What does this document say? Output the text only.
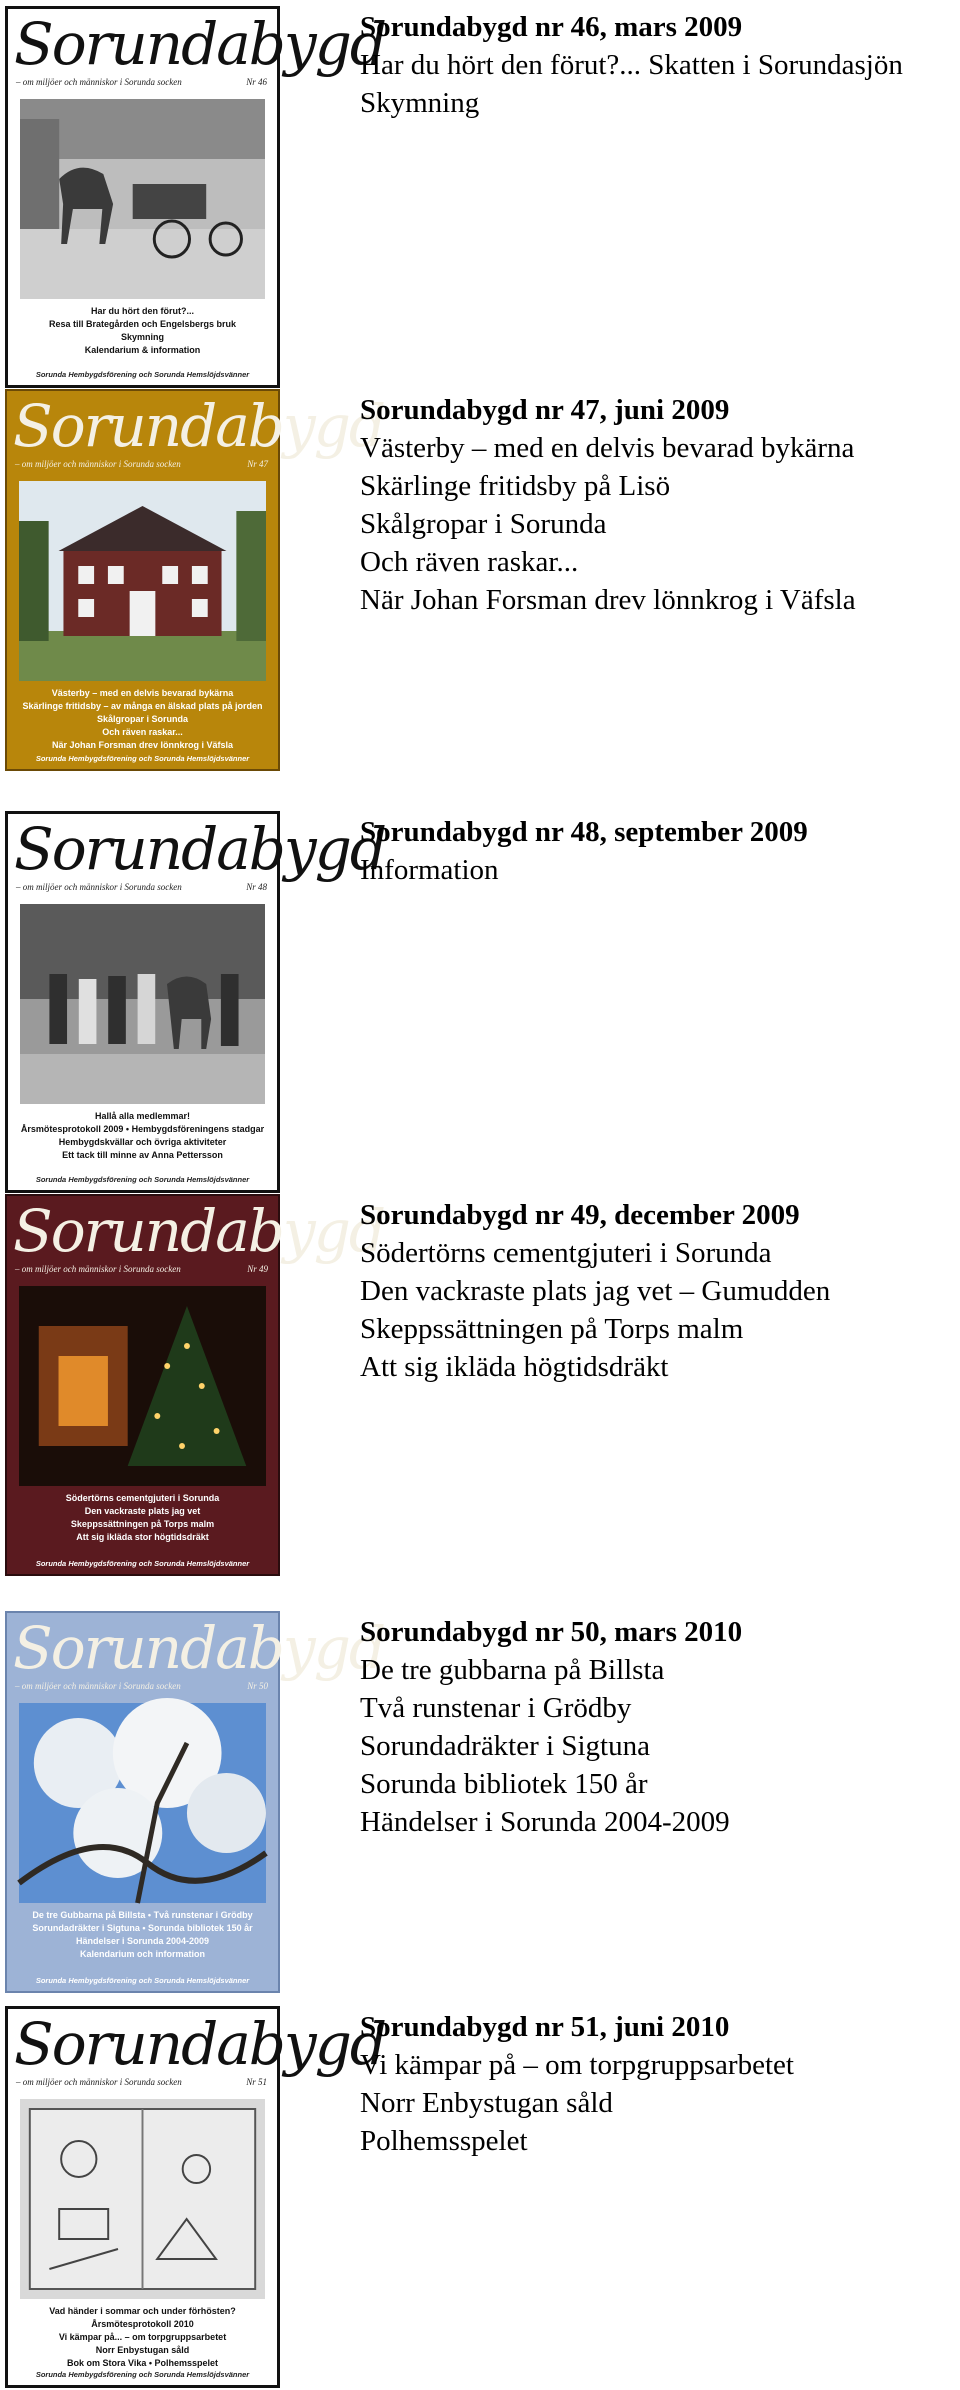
Sorundabygd
– om miljöer och människor i Sorunda socken	Nr 46
Har du hört den förut?...
Resa till Brategården och Engelsbergs bruk
Skymning
Kalendarium & information
Sorunda Hembygdsförening och Sorunda Hemslöjdsvänner

Sorundabygd nr 46, mars 2009

Har du hört den förut?... Skatten i Sorundasjön

Skymning

Sorundabygd
– om miljöer och människor i Sorunda socken	Nr 47
Västerby – med en delvis bevarad bykärna
Skärlinge fritidsby – av många en älskad plats på jorden
Skålgropar i Sorunda
Och räven raskar...
När Johan Forsman drev lönnkrog i Väfsla
Sorunda Hembygdsförening och Sorunda Hemslöjdsvänner

Sorundabygd nr 47, juni 2009

Västerby – med en delvis bevarad bykärna

Skärlinge fritidsby på Lisö

Skålgropar i Sorunda

Och räven raskar...

När Johan Forsman drev lönnkrog i Väfsla

Sorundabygd
– om miljöer och människor i Sorunda socken	Nr 48
Hallå alla medlemmar!
Årsmötesprotokoll 2009 • Hembygdsföreningens stadgar
Hembygdskvällar och övriga aktiviteter
Ett tack till minne av Anna Pettersson
Sorunda Hembygdsförening och Sorunda Hemslöjdsvänner

Sorundabygd nr 48, september 2009

Information

Sorundabygd
– om miljöer och människor i Sorunda socken	Nr 49
Södertörns cementgjuteri i Sorunda
Den vackraste plats jag vet
Skeppssättningen på Torps malm
Att sig ikläda stor högtidsdräkt
Sorunda Hembygdsförening och Sorunda Hemslöjdsvänner

Sorundabygd nr 49, december 2009

Södertörns cementgjuteri i Sorunda

Den vackraste plats jag vet – Gumudden

Skeppssättningen på Torps malm

Att sig ikläda högtidsdräkt

Sorundabygd
– om miljöer och människor i Sorunda socken	Nr 50
De tre Gubbarna på Billsta • Två runstenar i Grödby
Sorundadräkter i Sigtuna • Sorunda bibliotek 150 år
Händelser i Sorunda 2004-2009
Kalendarium och information
Sorunda Hembygdsförening och Sorunda Hemslöjdsvänner

Sorundabygd nr 50, mars 2010

De tre gubbarna på Billsta

Två runstenar i Grödby

Sorundadräkter i Sigtuna

Sorunda bibliotek 150 år

Händelser i Sorunda 2004-2009

Sorundabygd
– om miljöer och människor i Sorunda socken	Nr 51
Vad händer i sommar och under förhösten?
Årsmötesprotokoll 2010
Vi kämpar på... – om torpgruppsarbetet
Norr Enbystugan såld
Bok om Stora Vika • Polhemsspelet
Sorunda Hembygdsförening och Sorunda Hemslöjdsvänner

Sorundabygd nr 51, juni 2010

Vi kämpar på – om torpgruppsarbetet

Norr Enbystugan såld

Polhemsspelet
